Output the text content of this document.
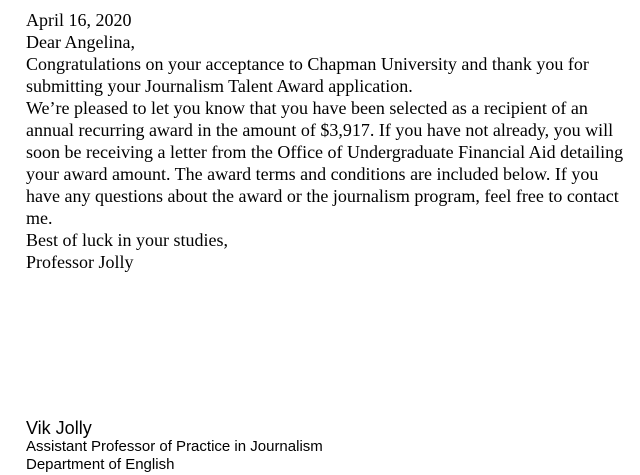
April 16, 2020

Dear Angelina,

Congratulations on your acceptance to Chapman University and thank you for submitting your Journalism Talent Award application.

We’re pleased to let you know that you have been selected as a recipient of an annual recurring award in the amount of $3,917. If you have not already, you will soon be receiving a letter from the Office of Undergraduate Financial Aid detailing your award amount. The award terms and conditions are included below. If you have any questions about the award or the journalism program, feel free to contact me.

Best of luck in your studies,

Professor Jolly

Vik Jolly
Assistant Professor of Practice in Journalism
Department of English
